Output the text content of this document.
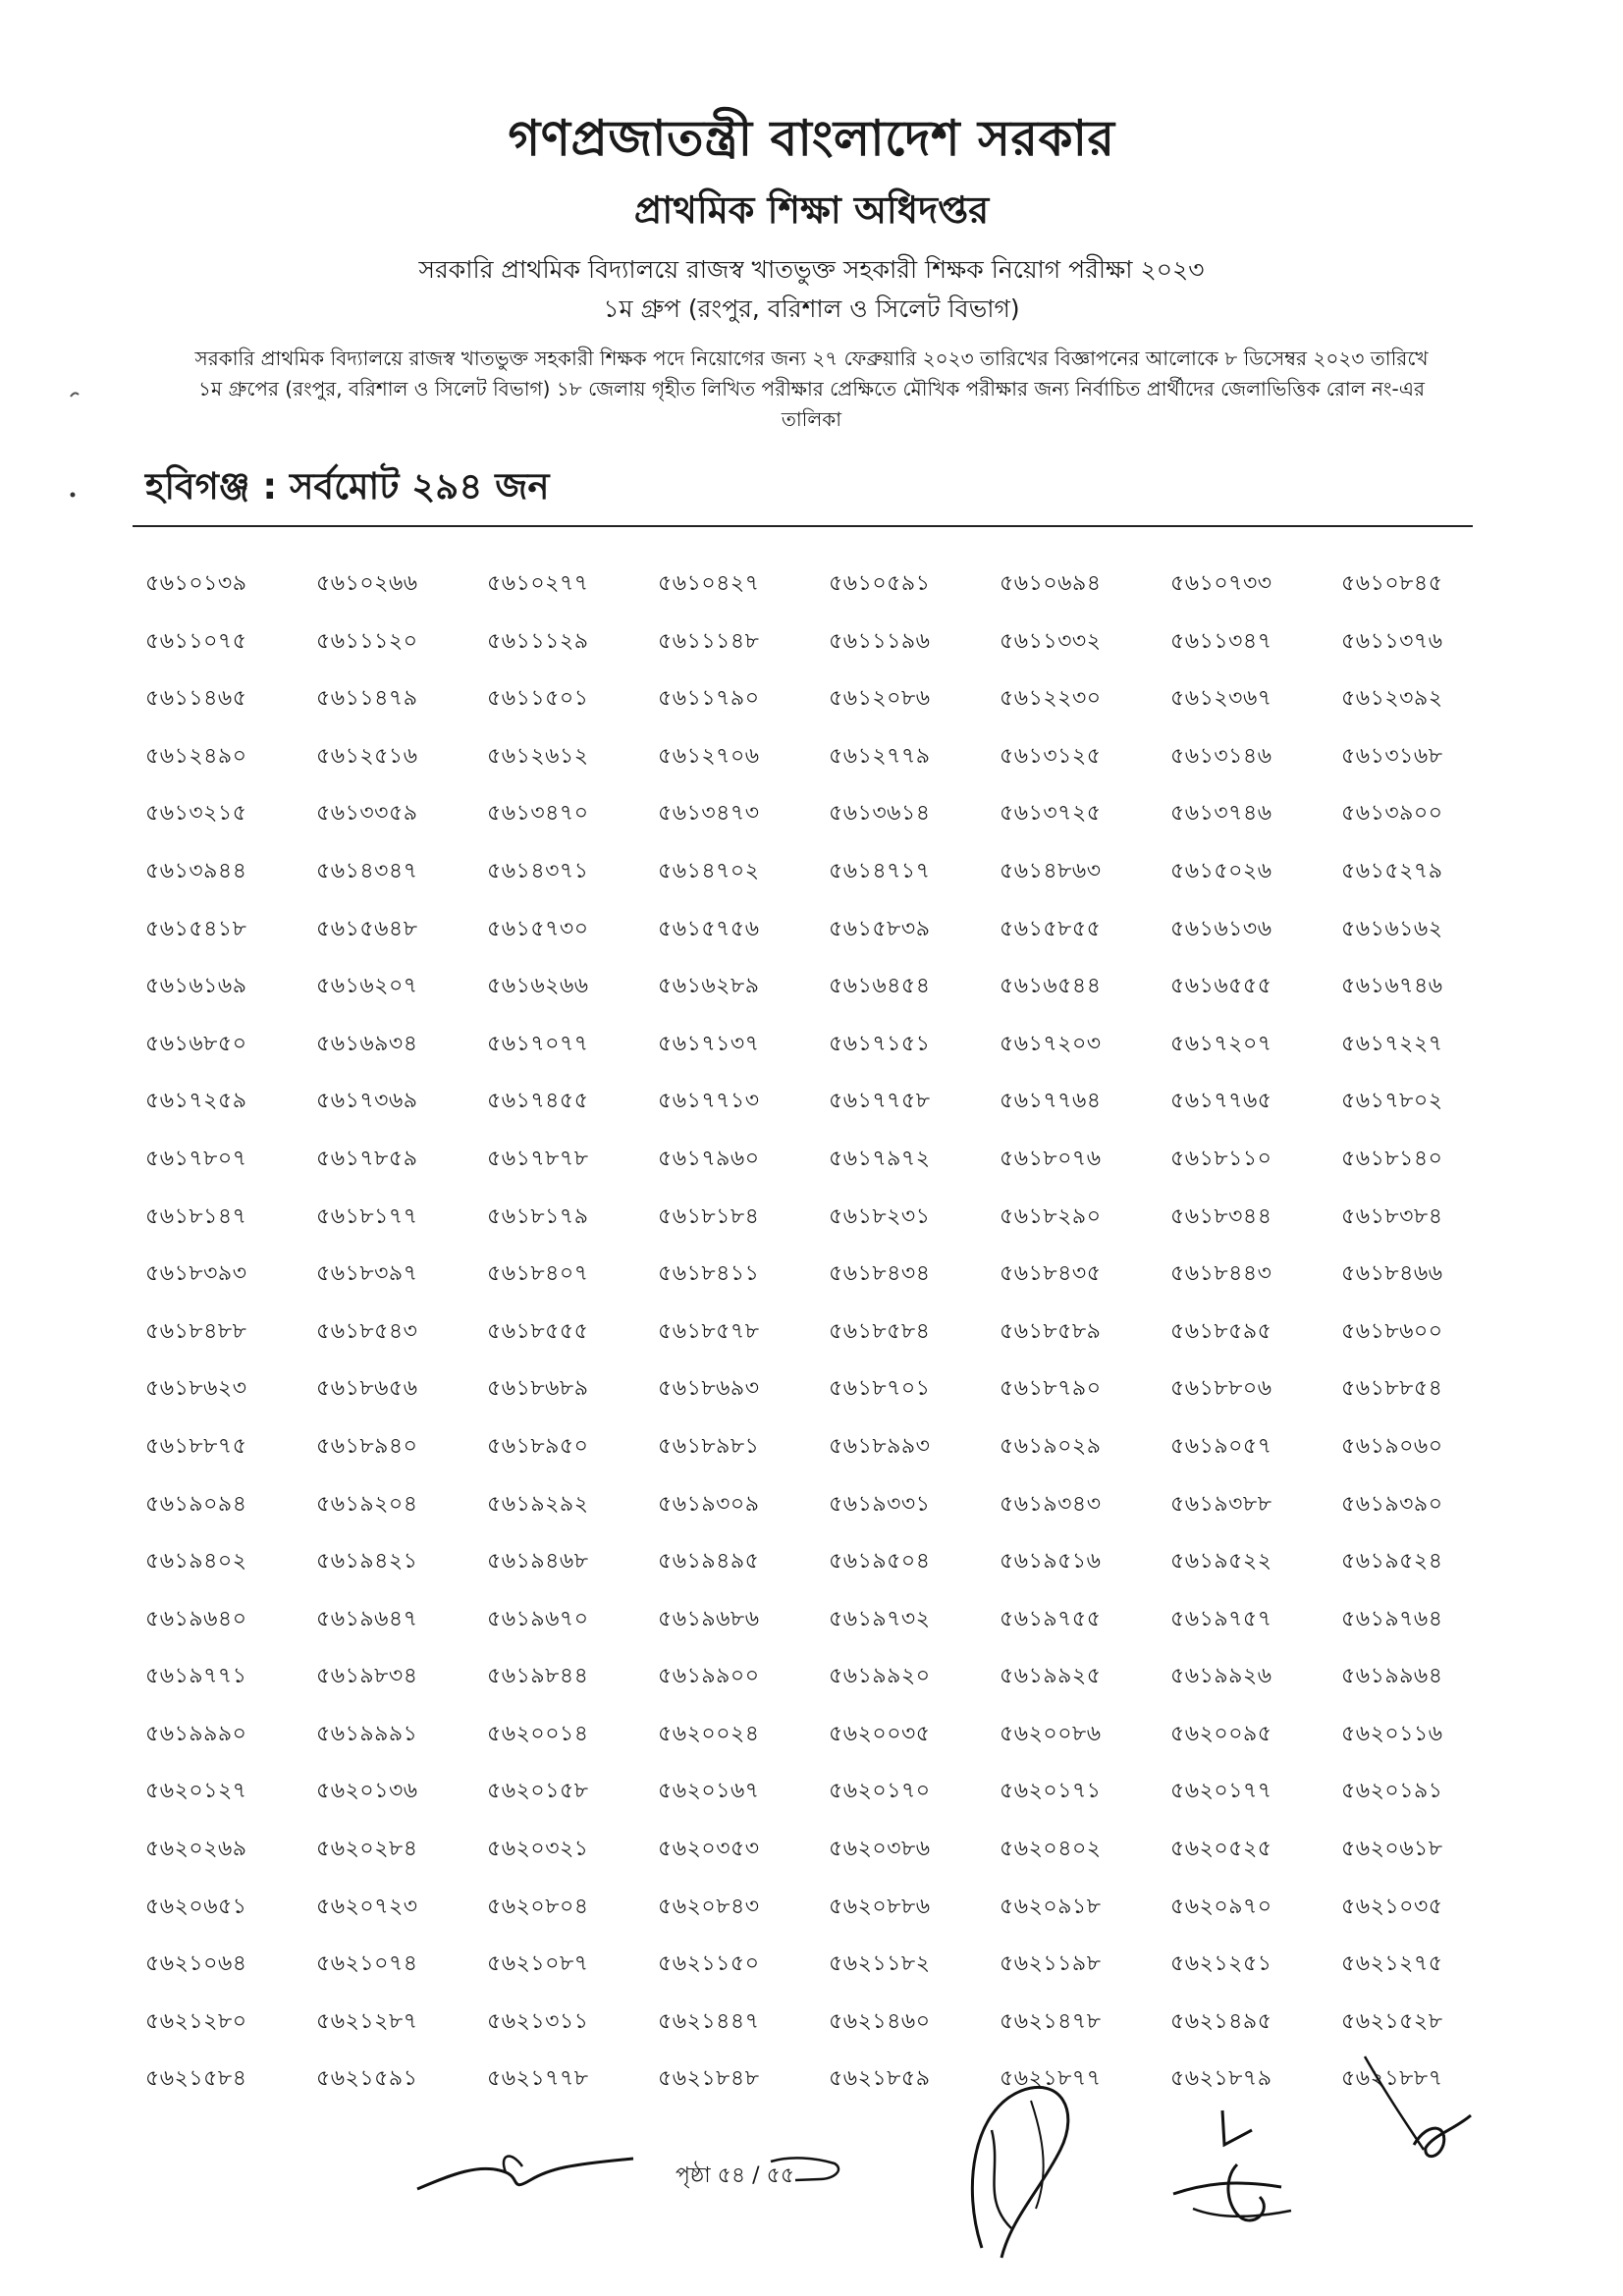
গণপ্রজাতন্ত্রী বাংলাদেশ সরকার
প্রাথমিক শিক্ষা অধিদপ্তর
সরকারি প্রাথমিক বিদ্যালয়ে রাজস্ব খাতভুক্ত সহকারী শিক্ষক নিয়োগ পরীক্ষা ২০২৩
১ম গ্রুপ (রংপুর, বরিশাল ও সিলেট বিভাগ)
সরকারি প্রাথমিক বিদ্যালয়ে রাজস্ব খাতভুক্ত সহকারী শিক্ষক পদে নিয়োগের জন্য ২৭ ফেব্রুয়ারি ২০২৩ তারিখের বিজ্ঞাপনের আলোকে ৮ ডিসেম্বর ২০২৩ তারিখে ১ম গ্রুপের (রংপুর, বরিশাল ও সিলেট বিভাগ) ১৮ জেলায় গৃহীত লিখিত পরীক্ষার প্রেক্ষিতে মৌখিক পরীক্ষার জন্য নির্বাচিত প্রার্থীদের জেলাভিত্তিক রোল নং-এর তালিকা
হবিগঞ্জ : সর্বমোট ২৯৪ জন
৫৬১০১৩৯	৫৬১০২৬৬	৫৬১০২৭৭	৫৬১০৪২৭	৫৬১০৫৯১	৫৬১০৬৯৪	৫৬১০৭৩৩	৫৬১০৮৪৫
৫৬১১০৭৫	৫৬১১১২০	৫৬১১১২৯	৫৬১১১৪৮	৫৬১১১৯৬	৫৬১১৩৩২	৫৬১১৩৪৭	৫৬১১৩৭৬
৫৬১১৪৬৫	৫৬১১৪৭৯	৫৬১১৫০১	৫৬১১৭৯০	৫৬১২০৮৬	৫৬১২২৩০	৫৬১২৩৬৭	৫৬১২৩৯২
৫৬১২৪৯০	৫৬১২৫১৬	৫৬১২৬১২	৫৬১২৭০৬	৫৬১২৭৭৯	৫৬১৩১২৫	৫৬১৩১৪৬	৫৬১৩১৬৮
৫৬১৩২১৫	৫৬১৩৩৫৯	৫৬১৩৪৭০	৫৬১৩৪৭৩	৫৬১৩৬১৪	৫৬১৩৭২৫	৫৬১৩৭৪৬	৫৬১৩৯০০
৫৬১৩৯৪৪	৫৬১৪৩৪৭	৫৬১৪৩৭১	৫৬১৪৭০২	৫৬১৪৭১৭	৫৬১৪৮৬৩	৫৬১৫০২৬	৫৬১৫২৭৯
৫৬১৫৪১৮	৫৬১৫৬৪৮	৫৬১৫৭৩০	৫৬১৫৭৫৬	৫৬১৫৮৩৯	৫৬১৫৮৫৫	৫৬১৬১৩৬	৫৬১৬১৬২
৫৬১৬১৬৯	৫৬১৬২০৭	৫৬১৬২৬৬	৫৬১৬২৮৯	৫৬১৬৪৫৪	৫৬১৬৫৪৪	৫৬১৬৫৫৫	৫৬১৬৭৪৬
৫৬১৬৮৫০	৫৬১৬৯৩৪	৫৬১৭০৭৭	৫৬১৭১৩৭	৫৬১৭১৫১	৫৬১৭২০৩	৫৬১৭২০৭	৫৬১৭২২৭
৫৬১৭২৫৯	৫৬১৭৩৬৯	৫৬১৭৪৫৫	৫৬১৭৭১৩	৫৬১৭৭৫৮	৫৬১৭৭৬৪	৫৬১৭৭৬৫	৫৬১৭৮০২
৫৬১৭৮০৭	৫৬১৭৮৫৯	৫৬১৭৮৭৮	৫৬১৭৯৬০	৫৬১৭৯৭২	৫৬১৮০৭৬	৫৬১৮১১০	৫৬১৮১৪০
৫৬১৮১৪৭	৫৬১৮১৭৭	৫৬১৮১৭৯	৫৬১৮১৮৪	৫৬১৮২৩১	৫৬১৮২৯০	৫৬১৮৩৪৪	৫৬১৮৩৮৪
৫৬১৮৩৯৩	৫৬১৮৩৯৭	৫৬১৮৪০৭	৫৬১৮৪১১	৫৬১৮৪৩৪	৫৬১৮৪৩৫	৫৬১৮৪৪৩	৫৬১৮৪৬৬
৫৬১৮৪৮৮	৫৬১৮৫৪৩	৫৬১৮৫৫৫	৫৬১৮৫৭৮	৫৬১৮৫৮৪	৫৬১৮৫৮৯	৫৬১৮৫৯৫	৫৬১৮৬০০
৫৬১৮৬২৩	৫৬১৮৬৫৬	৫৬১৮৬৮৯	৫৬১৮৬৯৩	৫৬১৮৭০১	৫৬১৮৭৯০	৫৬১৮৮০৬	৫৬১৮৮৫৪
৫৬১৮৮৭৫	৫৬১৮৯৪০	৫৬১৮৯৫০	৫৬১৮৯৮১	৫৬১৮৯৯৩	৫৬১৯০২৯	৫৬১৯০৫৭	৫৬১৯০৬০
৫৬১৯০৯৪	৫৬১৯২০৪	৫৬১৯২৯২	৫৬১৯৩০৯	৫৬১৯৩৩১	৫৬১৯৩৪৩	৫৬১৯৩৮৮	৫৬১৯৩৯০
৫৬১৯৪০২	৫৬১৯৪২১	৫৬১৯৪৬৮	৫৬১৯৪৯৫	৫৬১৯৫০৪	৫৬১৯৫১৬	৫৬১৯৫২২	৫৬১৯৫২৪
৫৬১৯৬৪০	৫৬১৯৬৪৭	৫৬১৯৬৭০	৫৬১৯৬৮৬	৫৬১৯৭৩২	৫৬১৯৭৫৫	৫৬১৯৭৫৭	৫৬১৯৭৬৪
৫৬১৯৭৭১	৫৬১৯৮৩৪	৫৬১৯৮৪৪	৫৬১৯৯০০	৫৬১৯৯২০	৫৬১৯৯২৫	৫৬১৯৯২৬	৫৬১৯৯৬৪
৫৬১৯৯৯০	৫৬১৯৯৯১	৫৬২০০১৪	৫৬২০০২৪	৫৬২০০৩৫	৫৬২০০৮৬	৫৬২০০৯৫	৫৬২০১১৬
৫৬২০১২৭	৫৬২০১৩৬	৫৬২০১৫৮	৫৬২০১৬৭	৫৬২০১৭০	৫৬২০১৭১	৫৬২০১৭৭	৫৬২০১৯১
৫৬২০২৬৯	৫৬২০২৮৪	৫৬২০৩২১	৫৬২০৩৫৩	৫৬২০৩৮৬	৫৬২০৪০২	৫৬২০৫২৫	৫৬২০৬১৮
৫৬২০৬৫১	৫৬২০৭২৩	৫৬২০৮০৪	৫৬২০৮৪৩	৫৬২০৮৮৬	৫৬২০৯১৮	৫৬২০৯৭০	৫৬২১০৩৫
৫৬২১০৬৪	৫৬২১০৭৪	৫৬২১০৮৭	৫৬২১১৫০	৫৬২১১৮২	৫৬২১১৯৮	৫৬২১২৫১	৫৬২১২৭৫
৫৬২১২৮০	৫৬২১২৮৭	৫৬২১৩১১	৫৬২১৪৪৭	৫৬২১৪৬০	৫৬২১৪৭৮	৫৬২১৪৯৫	৫৬২১৫২৮
৫৬২১৫৮৪	৫৬২১৫৯১	৫৬২১৭৭৮	৫৬২১৮৪৮	৫৬২১৮৫৯	৫৬২১৮৭৭	৫৬২১৮৭৯	৫৬২১৮৮৭
পৃষ্ঠা ৫৪ / ৫৫
